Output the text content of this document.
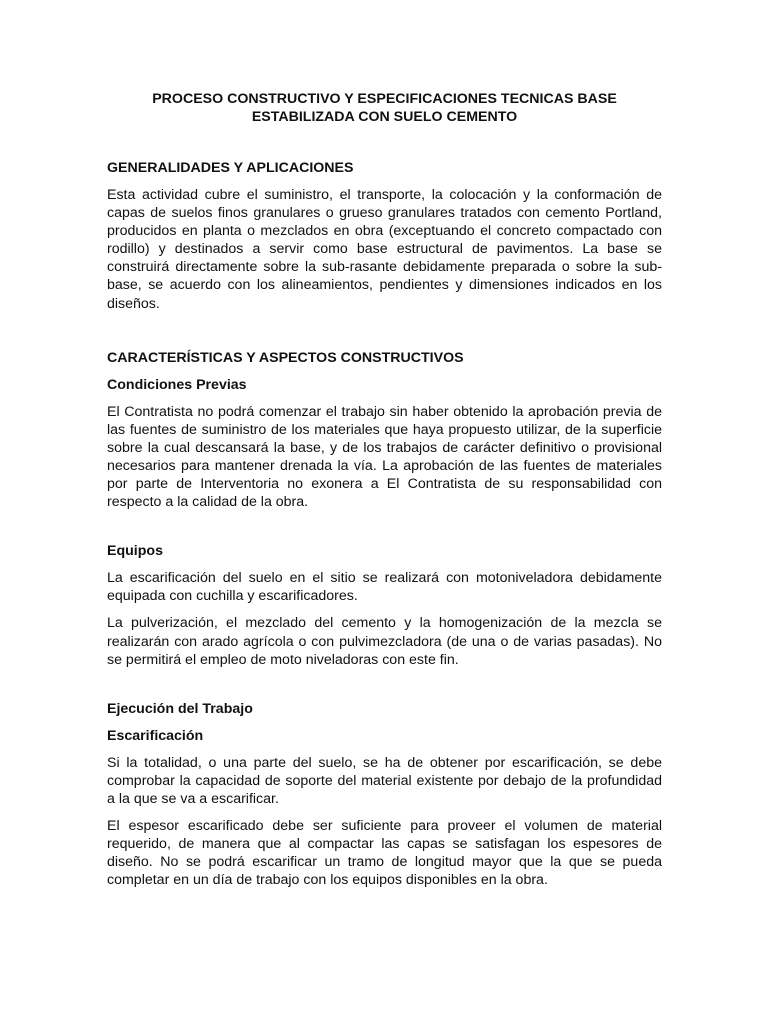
PROCESO CONSTRUCTIVO Y ESPECIFICACIONES TECNICAS BASE
ESTABILIZADA CON SUELO CEMENTO
GENERALIDADES Y APLICACIONES

Esta actividad cubre el suministro, el transporte, la colocación y la conformación de capas de suelos finos granulares o grueso granulares tratados con cemento Portland, producidos en planta o mezclados en obra (exceptuando el concreto compactado con rodillo) y destinados a servir como base estructural de pavimentos. La base se construirá directamente sobre la sub-rasante debidamente preparada o sobre la sub-base, se acuerdo con los alineamientos, pendientes y dimensiones indicados en los diseños.

CARACTERÍSTICAS Y ASPECTOS CONSTRUCTIVOS
Condiciones Previas

El Contratista no podrá comenzar el trabajo sin haber obtenido la aprobación previa de las fuentes de suministro de los materiales que haya propuesto utilizar, de la superficie sobre la cual descansará la base, y de los trabajos de carácter definitivo o provisional necesarios para mantener drenada la vía. La aprobación de las fuentes de materiales por parte de Interventoria no exonera a El Contratista de su responsabilidad con respecto a la calidad de la obra.

Equipos

La escarificación del suelo en el sitio se realizará con motoniveladora debidamente equipada con cuchilla y escarificadores.

La pulverización, el mezclado del cemento y la homogenización de la mezcla se realizarán con arado agrícola o con pulvimezcladora (de una o de varias pasadas). No se permitirá el empleo de moto niveladoras con este fin.

Ejecución del Trabajo
Escarificación

Si la totalidad, o una parte del suelo, se ha de obtener por escarificación, se debe comprobar la capacidad de soporte del material existente por debajo de la profundidad a la que se va a escarificar.

El espesor escarificado debe ser suficiente para proveer el volumen de material requerido, de manera que al compactar las capas se satisfagan los espesores de diseño. No se podrá escarificar un tramo de longitud mayor que la que se pueda completar en un día de trabajo con los equipos disponibles en la obra.
